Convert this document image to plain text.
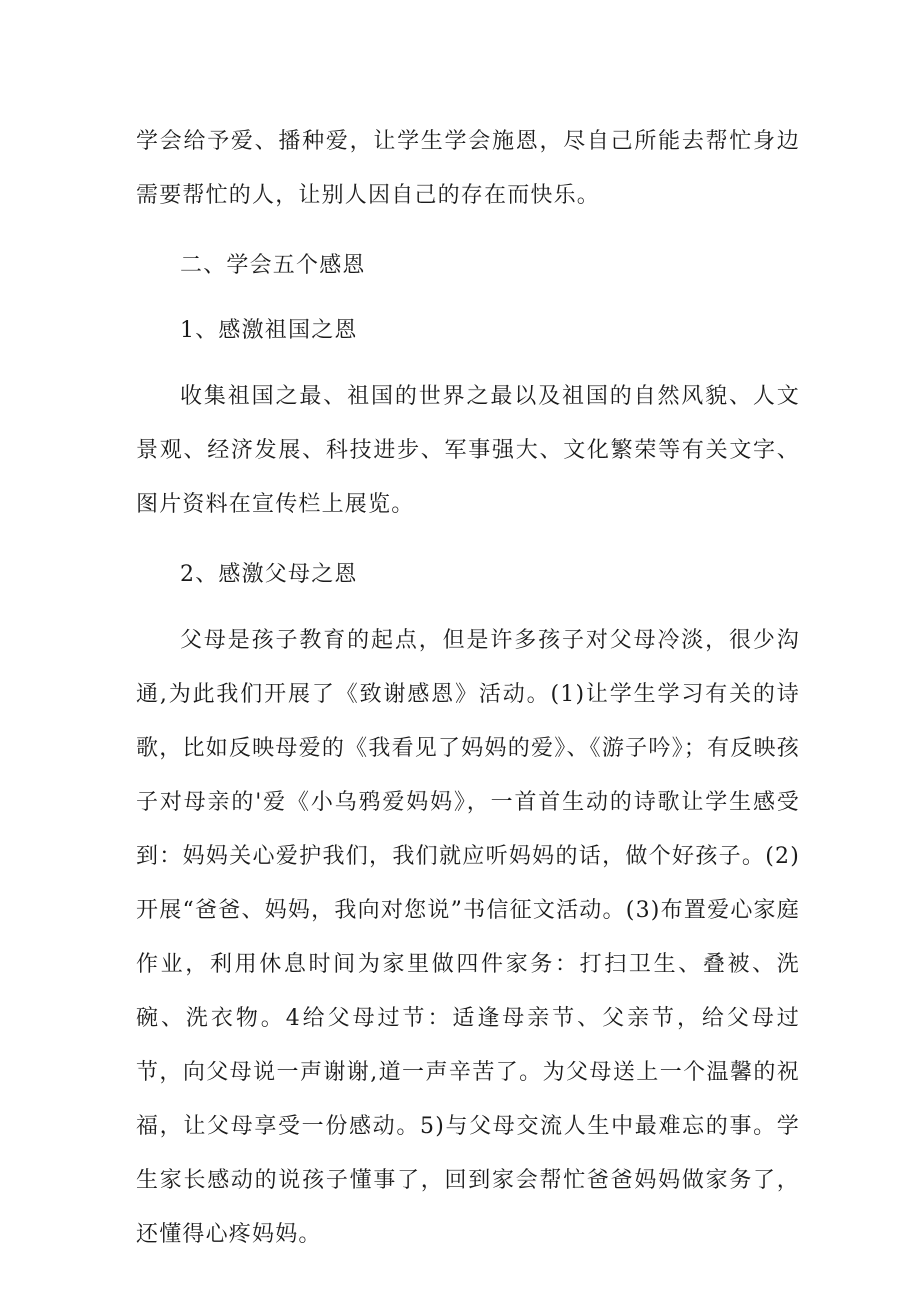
学会给予爱、播种爱，让学生学会施恩，尽自己所能去帮忙身边需要帮忙的人，让别人因自己的存在而快乐。

二、学会五个感恩

1、感激祖国之恩

收集祖国之最、祖国的世界之最以及祖国的自然风貌、人文景观、经济发展、科技进步、军事强大、文化繁荣等有关文字、图片资料在宣传栏上展览。

2、感激父母之恩

父母是孩子教育的起点，但是许多孩子对父母冷淡，很少沟通,为此我们开展了《致谢感恩》活动。(1)让学生学习有关的诗歌，比如反映母爱的《我看见了妈妈的爱》、《游子吟》；有反映孩子对母亲的'爱《小乌鸦爱妈妈》，一首首生动的诗歌让学生感受到：妈妈关心爱护我们，我们就应听妈妈的话，做个好孩子。(2)开展“爸爸、妈妈，我向对您说”书信征文活动。(3)布置爱心家庭作业，利用休息时间为家里做四件家务：打扫卫生、叠被、洗碗、洗衣物。4给父母过节：适逢母亲节、父亲节，给父母过节，向父母说一声谢谢,道一声辛苦了。为父母送上一个温馨的祝福，让父母享受一份感动。5)与父母交流人生中最难忘的事。学生家长感动的说孩子懂事了，回到家会帮忙爸爸妈妈做家务了，还懂得心疼妈妈。
